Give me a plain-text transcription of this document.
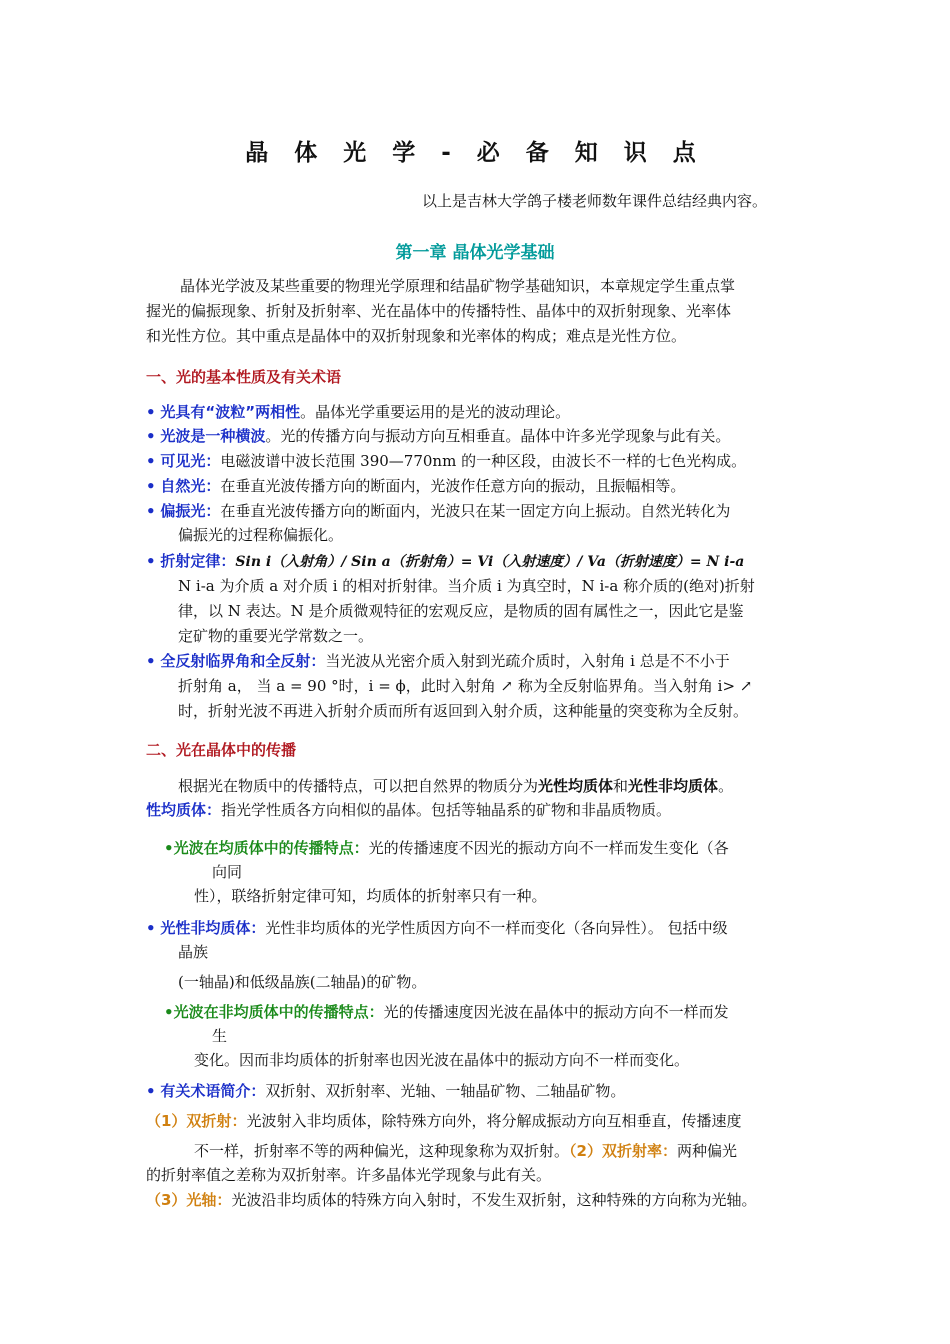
晶 体 光 学 - 必 备 知 识 点
以上是吉林大学鸽子楼老师数年课件总结经典内容。
第一章 晶体光学基础
晶体光学波及某些重要的物理光学原理和结晶矿物学基础知识，本章规定学生重点掌
握光的偏振现象、折射及折射率、光在晶体中的传播特性、晶体中的双折射现象、光率体
和光性方位。其中重点是晶体中的双折射现象和光率体的构成；难点是光性方位。
一、光的基本性质及有关术语
• 光具有“波粒”两相性。晶体光学重要运用的是光的波动理论。
• 光波是一种横波。光的传播方向与振动方向互相垂直。晶体中许多光学现象与此有关。
• 可见光：电磁波谱中波长范围 390—770nm 的一种区段，由波长不一样的七色光构成。
• 自然光：在垂直光波传播方向的断面内，光波作任意方向的振动，且振幅相等。
• 偏振光：在垂直光波传播方向的断面内，光波只在某一固定方向上振动。自然光转化为
偏振光的过程称偏振化。
• 折射定律：Sin i（入射角）/ Sin a（折射角）= Vi（入射速度）/ Va（折射速度）= N i-a
N i-a 为介质 a 对介质 i 的相对折射律。当介质 i 为真空时，N i-a 称介质的(绝对)折射
律，以 N 表达。N 是介质微观特征的宏观反应，是物质的固有属性之一，因此它是鉴
定矿物的重要光学常数之一。
• 全反射临界角和全反射：当光波从光密介质入射到光疏介质时，入射角 i 总是不不小于
折射角 a， 当 a = 90 °时，i = ϕ，此时入射角 ↗ 称为全反射临界角。当入射角 i> ↗
时，折射光波不再进入折射介质而所有返回到入射介质，这种能量的突变称为全反射。
二、光在晶体中的传播
根据光在物质中的传播特点，可以把自然界的物质分为光性均质体和光性非均质体。
性均质体：指光学性质各方向相似的晶体。包括等轴晶系的矿物和非晶质物质。
•光波在均质体中的传播特点：光的传播速度不因光的振动方向不一样而发生变化（各
向同
性），联络折射定律可知，均质体的折射率只有一种。
• 光性非均质体：光性非均质体的光学性质因方向不一样而变化（各向异性）。 包括中级
晶族
(一轴晶)和低级晶族(二轴晶)的矿物。
•光波在非均质体中的传播特点：光的传播速度因光波在晶体中的振动方向不一样而发
生
变化。因而非均质体的折射率也因光波在晶体中的振动方向不一样而变化。
• 有关术语简介：双折射、双折射率、光轴、一轴晶矿物、二轴晶矿物。
（1）双折射：光波射入非均质体，除特殊方向外，将分解成振动方向互相垂直，传播速度
不一样，折射率不等的两种偏光，这种现象称为双折射。（2）双折射率：两种偏光
的折射率值之差称为双折射率。许多晶体光学现象与此有关。
（3）光轴：光波沿非均质体的特殊方向入射时，不发生双折射，这种特殊的方向称为光轴。
